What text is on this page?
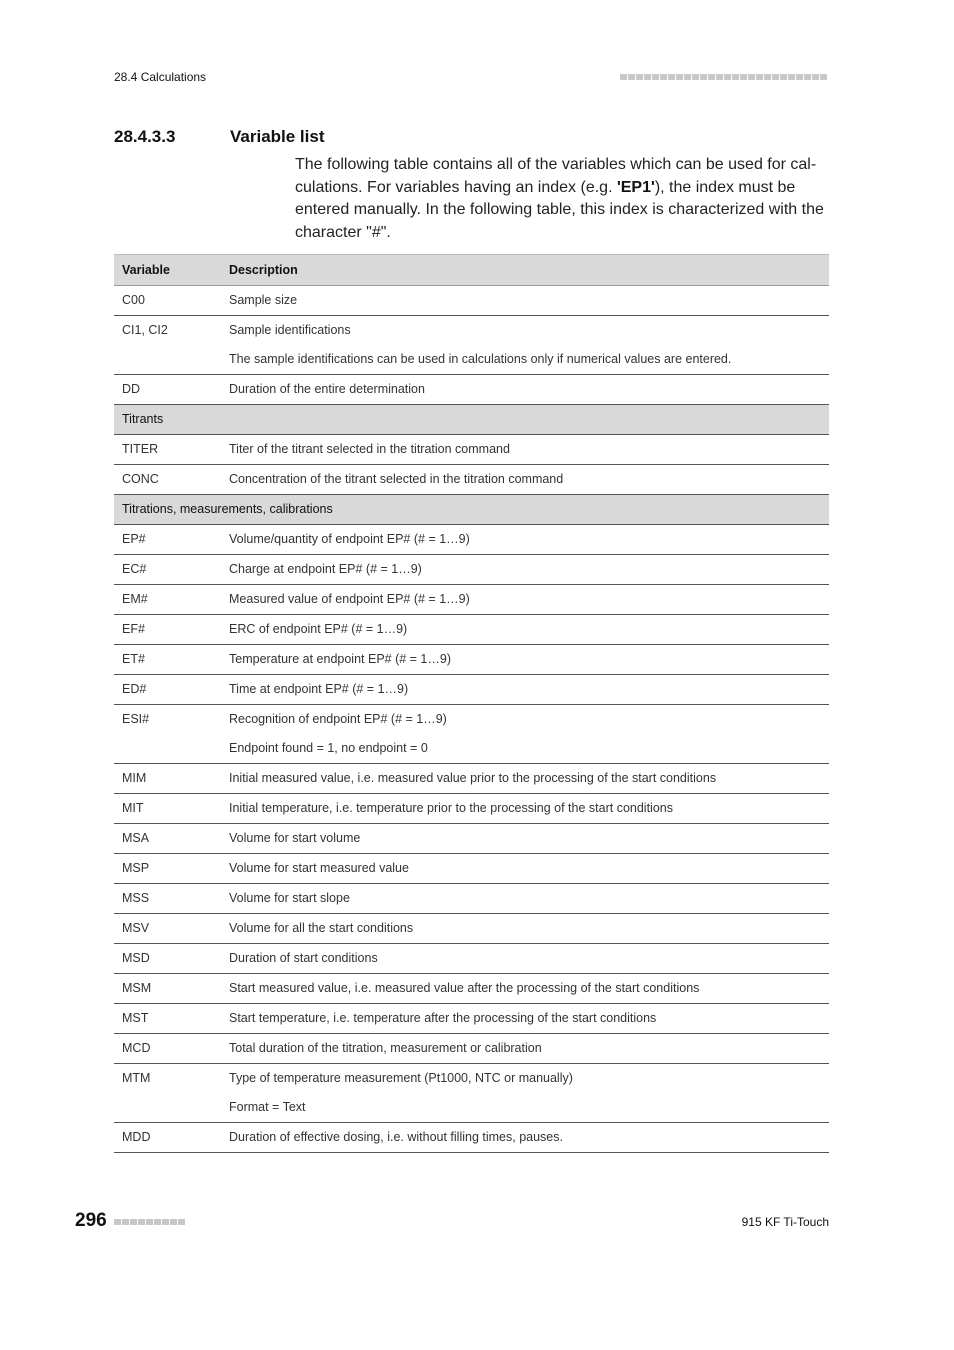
28.4 Calculations
28.4.3.3	Variable list
The following table contains all of the variables which can be used for calculations. For variables having an index (e.g. 'EP1'), the index must be entered manually. In the following table, this index is characterized with the character "#".
Variable	Description

C00	Sample size

CI1, CI2	Sample identifications
The sample identifications can be used in calculations only if numerical values are entered.

DD	Duration of the entire determination

Titrants	

TITER	Titer of the titrant selected in the titration command

CONC	Concentration of the titrant selected in the titration command

Titrations, measurements, calibrations	

EP#	Volume/quantity of endpoint EP# (# = 1…9)

EC#	Charge at endpoint EP# (# = 1…9)

EM#	Measured value of endpoint EP# (# = 1…9)

EF#	ERC of endpoint EP# (# = 1…9)

ET#	Temperature at endpoint EP# (# = 1…9)

ED#	Time at endpoint EP# (# = 1…9)

ESI#	Recognition of endpoint EP# (# = 1…9)
Endpoint found = 1, no endpoint = 0

MIM	Initial measured value, i.e. measured value prior to the processing of the start conditions

MIT	Initial temperature, i.e. temperature prior to the processing of the start conditions

MSA	Volume for start volume

MSP	Volume for start measured value

MSS	Volume for start slope

MSV	Volume for all the start conditions

MSD	Duration of start conditions

MSM	Start measured value, i.e. measured value after the processing of the start conditions

MST	Start temperature, i.e. temperature after the processing of the start conditions

MCD	Total duration of the titration, measurement or calibration

MTM	Type of temperature measurement (Pt1000, NTC or manually)
Format = Text

MDD	Duration of effective dosing, i.e. without filling times, pauses.
296	915 KF Ti-Touch
